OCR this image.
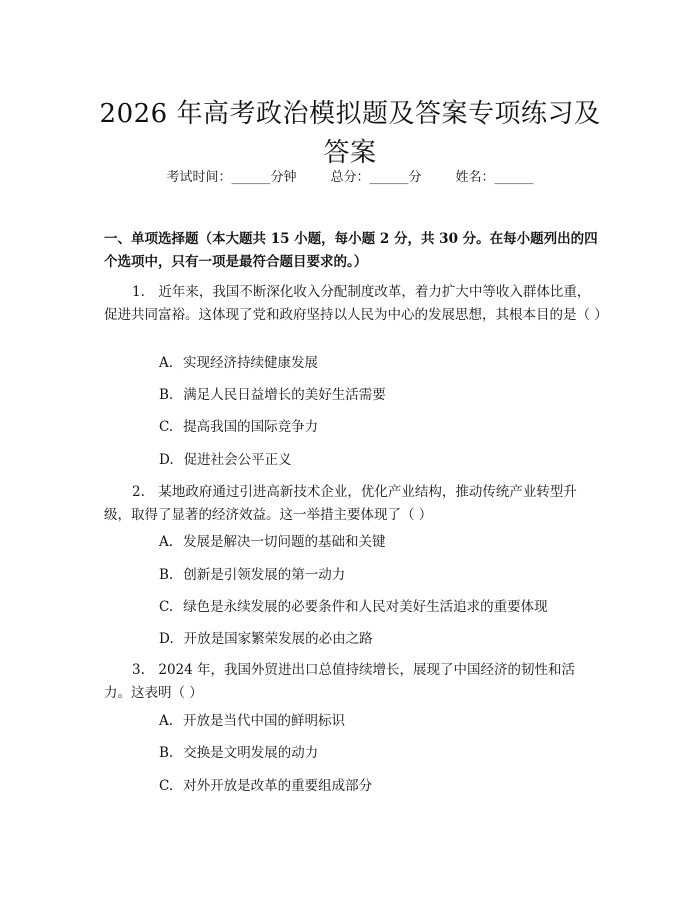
2026 年高考政治模拟题及答案专项练习及答案
考试时间：______分钟	总分：______分	姓名：______
一、单项选择题（本大题共 15 小题，每小题 2 分，共 30 分。在每小题列出的四个选项中，只有一项是最符合题目要求的。）
1.　近年来，我国不断深化收入分配制度改革，着力扩大中等收入群体比重，促进共同富裕。这体现了党和政府坚持以人民为中心的发展思想，其根本目的是（ ）
A. 实现经济持续健康发展
B. 满足人民日益增长的美好生活需要
C. 提高我国的国际竞争力
D. 促进社会公平正义
2.　某地政府通过引进高新技术企业，优化产业结构，推动传统产业转型升级，取得了显著的经济效益。这一举措主要体现了（ ）
A. 发展是解决一切问题的基础和关键
B. 创新是引领发展的第一动力
C. 绿色是永续发展的必要条件和人民对美好生活追求的重要体现
D. 开放是国家繁荣发展的必由之路
3.　2024 年，我国外贸进出口总值持续增长，展现了中国经济的韧性和活力。这表明（ ）
A. 开放是当代中国的鲜明标识
B. 交换是文明发展的动力
C. 对外开放是改革的重要组成部分
